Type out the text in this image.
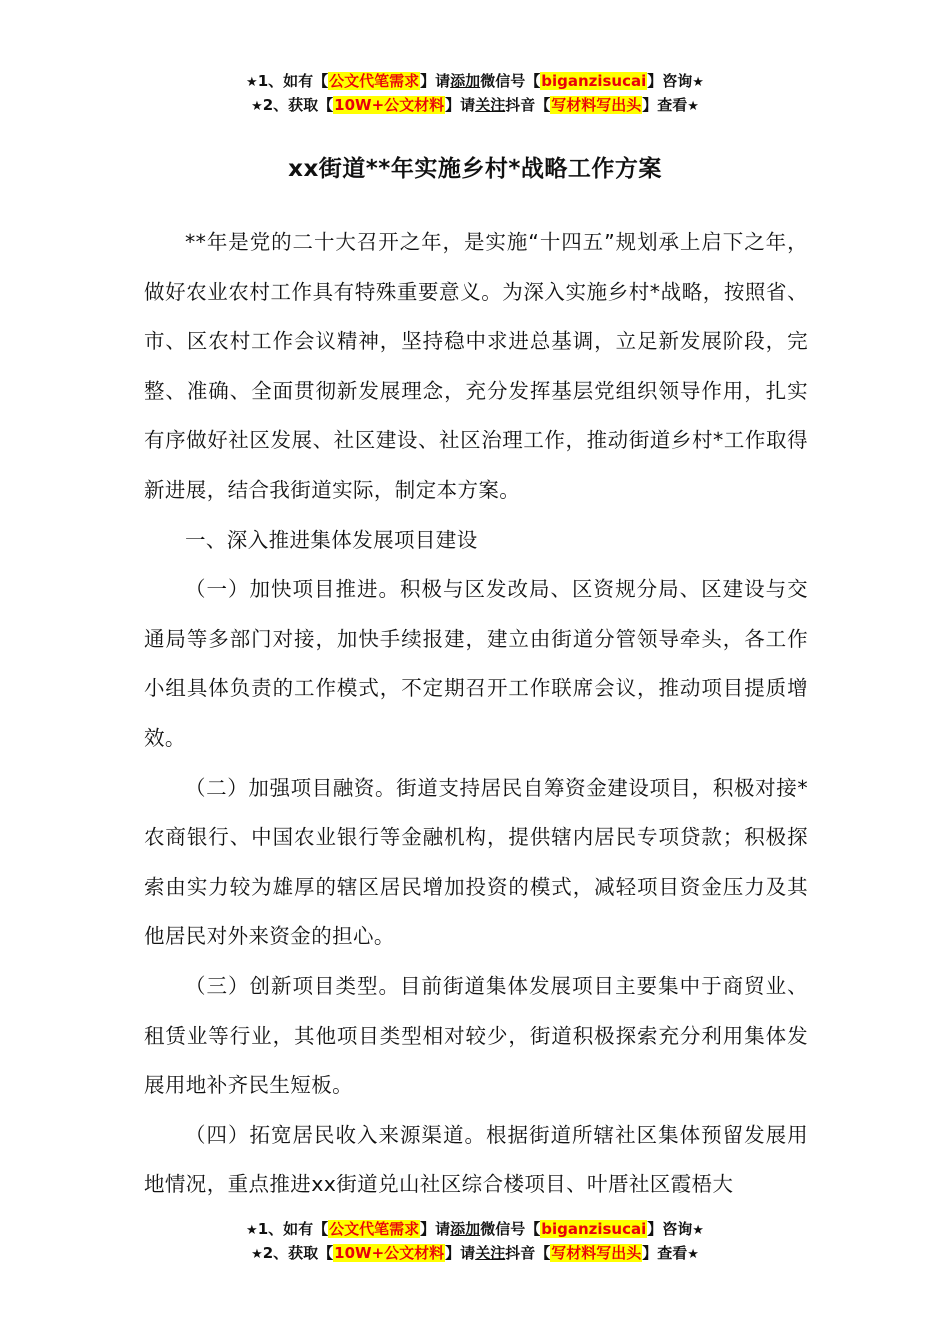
★1、如有【公文代笔需求】请添加微信号【biganzisucai】咨询★
★2、获取【10W+公文材料】请关注抖音【写材料写出头】查看★
xx街道**年实施乡村*战略工作方案

**年是党的二十大召开之年，是实施“十四五”规划承上启下之年，做好农业农村工作具有特殊重要意义。为深入实施乡村*战略，按照省、市、区农村工作会议精神，坚持稳中求进总基调，立足新发展阶段，完整、准确、全面贯彻新发展理念，充分发挥基层党组织领导作用，扎实有序做好社区发展、社区建设、社区治理工作，推动街道乡村*工作取得新进展，结合我街道实际，制定本方案。

一、深入推进集体发展项目建设

（一）加快项目推进。积极与区发改局、区资规分局、区建设与交通局等多部门对接，加快手续报建，建立由街道分管领导牵头，各工作小组具体负责的工作模式，不定期召开工作联席会议，推动项目提质增效。

（二）加强项目融资。街道支持居民自筹资金建设项目，积极对接*农商银行、中国农业银行等金融机构，提供辖内居民专项贷款；积极探索由实力较为雄厚的辖区居民增加投资的模式，减轻项目资金压力及其他居民对外来资金的担心。

（三）创新项目类型。目前街道集体发展项目主要集中于商贸业、租赁业等行业，其他项目类型相对较少，街道积极探索充分利用集体发展用地补齐民生短板。

（四）拓宽居民收入来源渠道。根据街道所辖社区集体预留发展用地情况，重点推进xx街道兑山社区综合楼项目、叶厝社区霞梧大

★1、如有【公文代笔需求】请添加微信号【biganzisucai】咨询★
★2、获取【10W+公文材料】请关注抖音【写材料写出头】查看★
